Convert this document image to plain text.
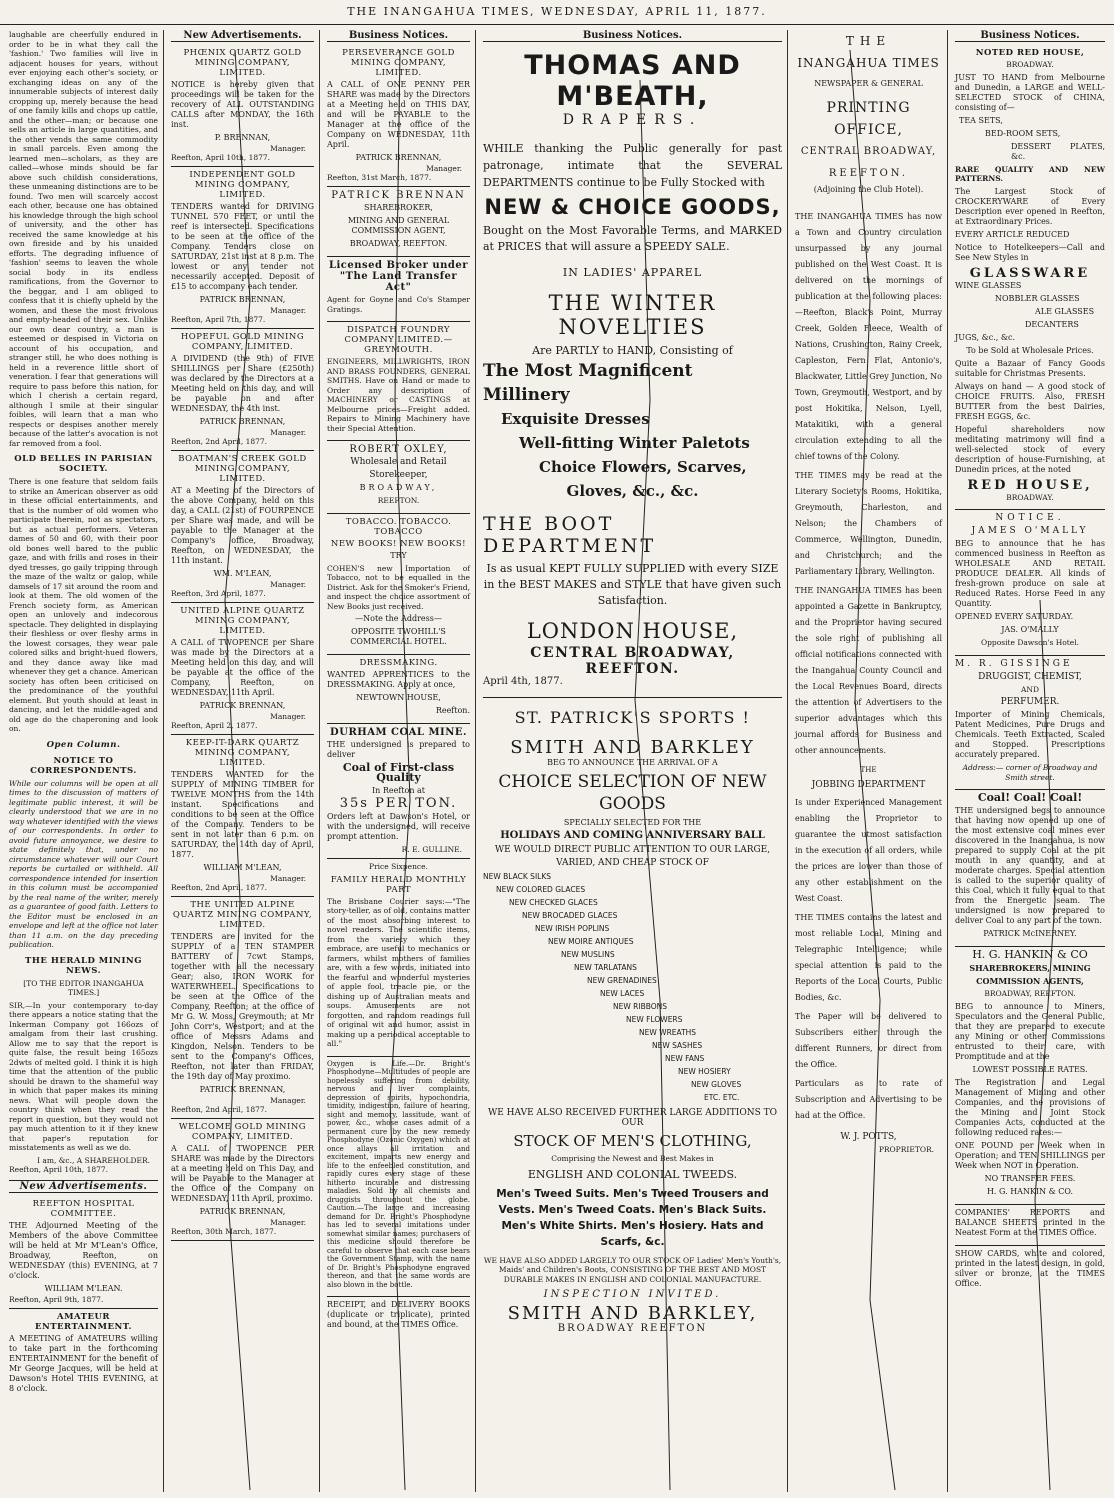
THE INANGAHUA TIMES, WEDNESDAY, APRIL 11, 1877.

laughable are cheerfully endured in order to be in what they call the 'fashion.' Two families will live in adjacent houses for years, without ever enjoying each other's society, or exchanging ideas on any of the innumerable subjects of interest daily cropping up, merely because the head of one family kills and chops up cattle, and the other—man; or because one sells an article in large quantities, and the other vends the same commodity in small parcels. Even among the learned men—scholars, as they are called—whose minds should be far above such childish considerations, these unmeaning distinctions are to be found. Two men will scarcely accost each other, because one has obtained his knowledge through the high school of university, and the other has received the same knowledge at his own fireside and by his unaided efforts. The degrading influence of 'fashion' seems to leaven the whole social body in its endless ramifications, from the Governor to the beggar, and I am obliged to confess that it is chiefly upheld by the women, and these the most frivolous and empty-headed of their sex. Unlike our own dear country, a man is esteemed or despised in Victoria on account of his occupation, and stranger still, he who does nothing is held in a reverence little short of veneration. I fear that generations will require to pass before this nation, for which I cherish a certain regard, although I smile at their singular foibles, will learn that a man who respects or despises another merely because of the latter's avocation is not far removed from a fool.

OLD BELLES IN PARISIAN SOCIETY.

There is one feature that seldom fails to strike an American observer as odd in these official entertainments, and that is the number of old women who participate therein, not as spectators, but as actual performers. Veteran dames of 50 and 60, with their poor old bones well bared to the public gaze, and with frills and roses in their dyed tresses, go gaily tripping through the maze of the waltz or galop, while damsels of 17 sit around the room and look at them. The old women of the French society form, as American open an unlovely and indecorous spectacle. They delighted in displaying their fleshless or over fleshy arms in the lowest corsages, they wear pale colored silks and bright-hued flowers, and they dance away like mad whenever they get a chance. American society has often been criticised on the predominance of the youthful element. But youth should at least in dancing, and let the middle-aged and old age do the chaperoning and look on.

Open Column.
NOTICE TO CORRESPONDENTS.

While our columns will be open at all times to the discussion of matters of legitimate public interest, it will be clearly understood that we are in no way whatever identified with the views of our correspondents. In order to avoid future annoyance, we desire to state definitely that, under no circumstance whatever will our Court reports be curtailed or withheld. All correspondence intended for insertion in this column must be accompanied by the real name of the writer, merely as a guarantee of good faith. Letters to the Editor must be enclosed in an envelope and left at the office not later than 11 a.m. on the day preceding publication.

THE HERALD MINING NEWS.
[TO THE EDITOR INANGAHUA TIMES.]

SIR,—In your contemporary to-day there appears a notice stating that the Inkerman Company got 166ozs of amalgam from their last crushing. Allow me to say that the report is quite false, the result being 165ozs 2dwts of melted gold. I think it is high time that the attention of the public should be drawn to the shameful way in which that paper makes its mining news. What will people down the country think when they read the report in question, but they would not pay much attention to it if they knew that paper's reputation for misstatements as well as we do.

I am, &c., A SHAREHOLDER.
Reefton, April 10th, 1877.
New Advertisements.
REEFTON HOSPITAL COMMITTEE.

THE Adjourned Meeting of the Members of the above Committee will be held at Mr M'Lean's Office, Broadway, Reefton, on WEDNESDAY (this) EVENING, at 7 o'clock.

WILLIAM M'LEAN.
Reefton, April 9th, 1877.
AMATEUR ENTERTAINMENT.

A MEETING of AMATEURS willing to take part in the forthcoming ENTERTAINMENT for the benefit of Mr George Jacques, will be held at Dawson's Hotel THIS EVENING, at 8 o'clock.

New Advertisements.
PHŒNIX QUARTZ GOLD MINING COMPANY, LIMITED.

NOTICE is hereby given that proceedings will be taken for the recovery of ALL OUTSTANDING CALLS after MONDAY, the 16th inst.

P. BRENNAN,
Manager.
Reefton, April 10th, 1877.
INDEPENDENT GOLD MINING COMPANY, LIMITED.

TENDERS wanted for DRIVING TUNNEL 570 FEET, or until the reef is intersected. Specifications to be seen at the office of the Company. Tenders close on SATURDAY, 21st inst at 8 p.m. The lowest or any tender not necessarily accepted. Deposit of £15 to accompany each tender.

PATRICK BRENNAN,
Manager.
Reefton, April 7th, 1877.
HOPEFUL GOLD MINING COMPANY, LIMITED.

A DIVIDEND (the 9th) of FIVE SHILLINGS per Share (£250th) was declared by the Directors at a Meeting held on this day, and will be payable on and after WEDNESDAY, the 4th inst.

PATRICK BRENNAN,
Manager.
Reefton, 2nd April, 1877.
BOATMAN'S CREEK GOLD MINING COMPANY, LIMITED.

AT a Meeting of the Directors of the above Company, held on this day, a CALL (21st) of FOURPENCE per Share was made, and will be payable to the Manager at the Company's office, Broadway, Reefton, on WEDNESDAY, the 11th instant.

WM. M'LEAN,
Manager.
Reefton, 3rd April, 1877.
UNITED ALPINE QUARTZ MINING COMPANY, LIMITED.

A CALL of TWOPENCE per Share was made by the Directors at a Meeting held on this day, and will be payable at the office of the Company, Reefton, on WEDNESDAY, 11th April.

PATRICK BRENNAN,
Manager.
Reefton, April 2, 1877.
KEEP-IT-DARK QUARTZ MINING COMPANY, LIMITED.

TENDERS WANTED for the SUPPLY of MINING TIMBER for TWELVE MONTHS from the 14th instant. Specifications and conditions to be seen at the Office of the Company. Tenders to be sent in not later than 6 p.m. on SATURDAY, the 14th day of April, 1877.

WILLIAM M'LEAN,
Manager.
Reefton, 2nd April, 1877.
THE UNITED ALPINE QUARTZ MINING COMPANY, LIMITED.

TENDERS are invited for the SUPPLY of a TEN STAMPER BATTERY of 7cwt Stamps, together with all the necessary Gear; also, IRON WORK for WATERWHEEL. Specifications to be seen at the Office of the Company, Reefton; at the office of Mr G. W. Moss, Greymouth; at Mr John Corr's, Westport; and at the office of Messrs Adams and Kingdon, Nelson. Tenders to be sent to the Company's Offices, Reefton, not later than FRIDAY, the 19th day of May proximo.

PATRICK BRENNAN,
Manager.
Reefton, 2nd April, 1877.
WELCOME GOLD MINING COMPANY, LIMITED.

A CALL of TWOPENCE PER SHARE was made by the Directors at a meeting held on This Day, and will be Payable to the Manager at the Office of the Company on WEDNESDAY, 11th April, proximo.

PATRICK BRENNAN,
Manager.
Reefton, 30th March, 1877.
Business Notices.
PERSEVERANCE GOLD MINING COMPANY, LIMITED.

A CALL of ONE PENNY PER SHARE was made by the Directors at a Meeting held on THIS DAY, and will be PAYABLE to the Manager at the office of the Company on WEDNESDAY, 11th April.

PATRICK BRENNAN,
Manager.
Reefton, 31st March, 1877.
PATRICK BRENNAN
SHAREBROKER,
MINING AND GENERAL COMMISSION AGENT,
BROADWAY, REEFTON.
Licensed Broker under "The Land Transfer Act"

Agent for Goyne and Co's Stamper Gratings.

DISPATCH FOUNDRY COMPANY LIMITED.—GREYMOUTH.

ENGINEERS, MILLWRIGHTS, IRON AND BRASS FOUNDERS, GENERAL SMITHS. Have on Hand or made to Order any description of MACHINERY or CASTINGS at Melbourne prices—Freight added. Repairs to Mining Machinery have their Special Attention.

ROBERT OXLEY,
Wholesale and Retail
Storekeeper,
BROADWAY,
REEFTON.
TOBACCO. TOBACCO. TOBACCO
NEW BOOKS! NEW BOOKS!
TRY

COHEN'S new Importation of Tobacco, not to be equalled in the District. Ask for the Smoker's Friend, and inspect the choice assortment of New Books just received.

—Note the Address—
OPPOSITE TWOHILL'S COMMERCIAL HOTEL.
DRESSMAKING.

WANTED APPRENTICES to the DRESSMAKING. Apply at once,

NEWTOWN HOUSE,
Reefton.
DURHAM COAL MINE.

THE undersigned is prepared to deliver

Coal of First-class Quality
In Reefton at
35s PER TON.

Orders left at Dawson's Hotel, or with the undersigned, will receive prompt attention.

R. E. GULLINE.
Price Sixpence.
FAMILY HERALD MONTHLY PART

The Brisbane Courier says:—"The story-teller, as of old, contains matter of the most absorbing interest to novel readers. The scientific items, from the variety which they embrace, are useful to mechanics or farmers, whilst mothers of families are, with a few words, initiated into the fearful and wonderful mysteries of apple fool, treacle pie, or the dishing up of Australian meats and soups. Amusements are not forgotten, and random readings full of original wit and humor, assist in making up a periodical acceptable to all."

Oxygen is Life.—Dr. Bright's Phosphodyne—Multitudes of people are hopelessly suffering from debility, nervous and liver complaints, depression of spirits, hypochondria, timidity, indigestion, failure of hearing, sight and memory, lassitude, want of power, &c., whose cases admit of a permanent cure by the new remedy Phosphodyne (Ozonic Oxygen) which at once allays all irritation and excitement, imparts new energy and life to the enfeebled constitution, and rapidly cures every stage of these hitherto incurable and distressing maladies. Sold by all chemists and druggists throughout the globe. Caution.—The large and increasing demand for Dr. Bright's Phosphodyne has led to several imitations under somewhat similar names; purchasers of this medicine should therefore be careful to observe that each case bears the Government Stamp, with the name of Dr. Bright's Phosphodyne engraved thereon, and that the same words are also blown in the bottle.

RECEIPT, and DELIVERY BOOKS (duplicate or triplicate), printed and bound, at the TIMES Office.

Business Notices.
THOMAS AND M'BEATH,
DRAPERS.
WHILE thanking the Public generally for past patronage, intimate that the SEVERAL DEPARTMENTS continue to be Fully Stocked with
NEW & CHOICE GOODS,
Bought on the Most Favorable Terms, and MARKED at PRICES that will assure a SPEEDY SALE.
IN LADIES' APPAREL
THE WINTER NOVELTIES
Are PARTLY to HAND, Consisting of
The Most Magnificent Millinery
Exquisite Dresses
Well-fitting Winter Paletots
Choice Flowers, Scarves,
Gloves, &c., &c.
THE BOOT DEPARTMENT
Is as usual KEPT FULLY SUPPLIED with every SIZE in the BEST MAKES and STYLE that have given such Satisfaction.
LONDON HOUSE,
CENTRAL BROADWAY, REEFTON.
April 4th, 1877.
ST. PATRICK'S SPORTS !
SMITH AND BARKLEY
BEG TO ANNOUNCE THE ARRIVAL OF A
CHOICE SELECTION OF NEW GOODS
SPECIALLY SELECTED FOR THE
HOLIDAYS AND COMING ANNIVERSARY BALL
WE WOULD DIRECT PUBLIC ATTENTION TO OUR LARGE, VARIED, AND CHEAP STOCK OF
NEW BLACK SILKS
NEW COLORED GLACES
NEW CHECKED GLACES
NEW BROCADED GLACES
NEW IRISH POPLINS
NEW MOIRE ANTIQUES
NEW MUSLINS
NEW TARLATANS
NEW GRENADINES
NEW LACES
NEW RIBBONS
NEW FLOWERS
NEW WREATHS
NEW SASHES
NEW FANS
NEW HOSIERY
NEW GLOVES
ETC. ETC.
WE HAVE ALSO RECEIVED FURTHER LARGE ADDITIONS TO OUR
STOCK OF MEN'S CLOTHING,
Comprising the Newest and Best Makes in
ENGLISH AND COLONIAL TWEEDS.
Men's Tweed Suits. Men's Tweed Trousers and Vests. Men's Tweed Coats. Men's Black Suits. Men's White Shirts. Men's Hosiery. Hats and Scarfs, &c.
WE HAVE ALSO ADDED LARGELY TO OUR STOCK OF Ladies' Men's Youth's, Maids' and Children's Boots, CONSISTING OF THE BEST AND MOST DURABLE MAKES IN ENGLISH AND COLONIAL MANUFACTURE.
INSPECTION INVITED.
SMITH AND BARKLEY,
BROADWAY REEFTON
THE
INANGAHUA TIMES
NEWSPAPER & GENERAL
PRINTING OFFICE,
CENTRAL BROADWAY,
REEFTON.
(Adjoining the Club Hotel).

THE INANGAHUA TIMES has now a Town and Country circulation unsurpassed by any journal published on the West Coast. It is delivered on the mornings of publication at the following places:—Reefton, Black's Point, Murray Creek, Golden Fleece, Wealth of Nations, Crushington, Rainy Creek, Capleston, Fern Flat, Antonio's, Blackwater, Little Grey Junction, No Town, Greymouth, Westport, and by post Hokitika, Nelson, Lyell, Matakitiki, with a general circulation extending to all the chief towns of the Colony.

THE TIMES may be read at the Literary Society's Rooms, Hokitika, Greymouth, Charleston, and Nelson; the Chambers of Commerce, Wellington, Dunedin, and Christchurch; and the Parliamentary Library, Wellington.

THE INANGAHUA TIMES has been appointed a Gazette in Bankruptcy, and the Proprietor having secured the sole right of publishing all official notifications connected with the Inangahua County Council and the Local Revenues Board, directs the attention of Advertisers to the superior advantages which this journal affords for Business and other announcements.

THE
JOBBING DEPARTMENT

Is under Experienced Management enabling the Proprietor to guarantee the utmost satisfaction in the execution of all orders, while the prices are lower than those of any other establishment on the West Coast.

THE TIMES contains the latest and most reliable Local, Mining and Telegraphic Intelligence; while special attention is paid to the Reports of the Local Courts, Public Bodies, &c.

The Paper will be delivered to Subscribers either through the different Runners, or direct from the Office.

Particulars as to rate of Subscription and Advertising to be had at the Office.

W. J. POTTS,
PROPRIETOR.
Business Notices.
NOTED RED HOUSE,
BROADWAY.

JUST TO HAND from Melbourne and Dunedin, a LARGE and WELL-SELECTED STOCK of CHINA, consisting of—

TEA SETS,
BED-ROOM SETS,
DESSERT PLATES, &c.
RARE QUALITY AND NEW PATTERNS.

The Largest Stock of CROCKERYWARE of Every Description ever opened in Reefton, at Extraordinary Prices.

EVERY ARTICLE REDUCED

Notice to Hotelkeepers—Call and See New Styles in

GLASSWARE
WINE GLASSES
NOBBLER GLASSES
ALE GLASSES
DECANTERS
JUGS, &c., &c.
To be Sold at Wholesale Prices.

Quite a Bazaar of Fancy Goods suitable for Christmas Presents.

Always on hand — A good stock of CHOICE FRUITS. Also, FRESH BUTTER from the best Dairies, FRESH EGGS, &c.

Hopeful shareholders now meditating matrimony will find a well-selected stock of every description of house-Furnishing, at Dunedin prices, at the noted

RED HOUSE,
BROADWAY.
NOTICE.
JAMES O'MALLY

BEG to announce that he has commenced business in Reefton as WHOLESALE AND RETAIL PRODUCE DEALER. All kinds of fresh-grown produce on sale at Reduced Rates. Horse Feed in any Quantity.

OPENED EVERY SATURDAY.
JAS. O'MALLY
Opposite Dawson's Hotel.
M. R. GISSINGE
DRUGGIST, CHEMIST,
AND
PERFUMER.

Importer of Mining Chemicals, Patent Medicines, Pure Drugs and Chemicals. Teeth Extracted, Scaled and Stopped. Prescriptions accurately prepared.

Address:— corner of Broadway and Smith street.
Coal! Coal! Coal!

THE undersigned begs to announce that having now opened up one of the most extensive coal mines ever discovered in the Inangahua, is now prepared to supply Coal at the pit mouth in any quantity, and at moderate charges. Special attention is called to the superior quality of this Coal, which it fully equal to that from the Energetic seam. The undersigned is now prepared to deliver Coal to any part of the town.

PATRICK McINERNEY.
H. G. HANKIN & CO
SHAREBROKERS, MINING
COMMISSION AGENTS,
BROADWAY, REEFTON.

BEG to announce to Miners, Speculators and the General Public, that they are prepared to execute any Mining or other Commissions entrusted to their care, with Promptitude and at the

LOWEST POSSIBLE RATES.

The Registration and Legal Management of Mining and other Companies, and the provisions of the Mining and Joint Stock Companies Acts, conducted at the following reduced rates:—

ONE POUND per Week when in Operation; and TEN SHILLINGS per Week when NOT in Operation.

NO TRANSFER FEES.
H. G. HANKIN & CO.

COMPANIES' REPORTS and BALANCE SHEETS printed in the Neatest Form at the TIMES Office.

SHOW CARDS, white and colored, printed in the latest design, in gold, silver or bronze, at the TIMES Office.
